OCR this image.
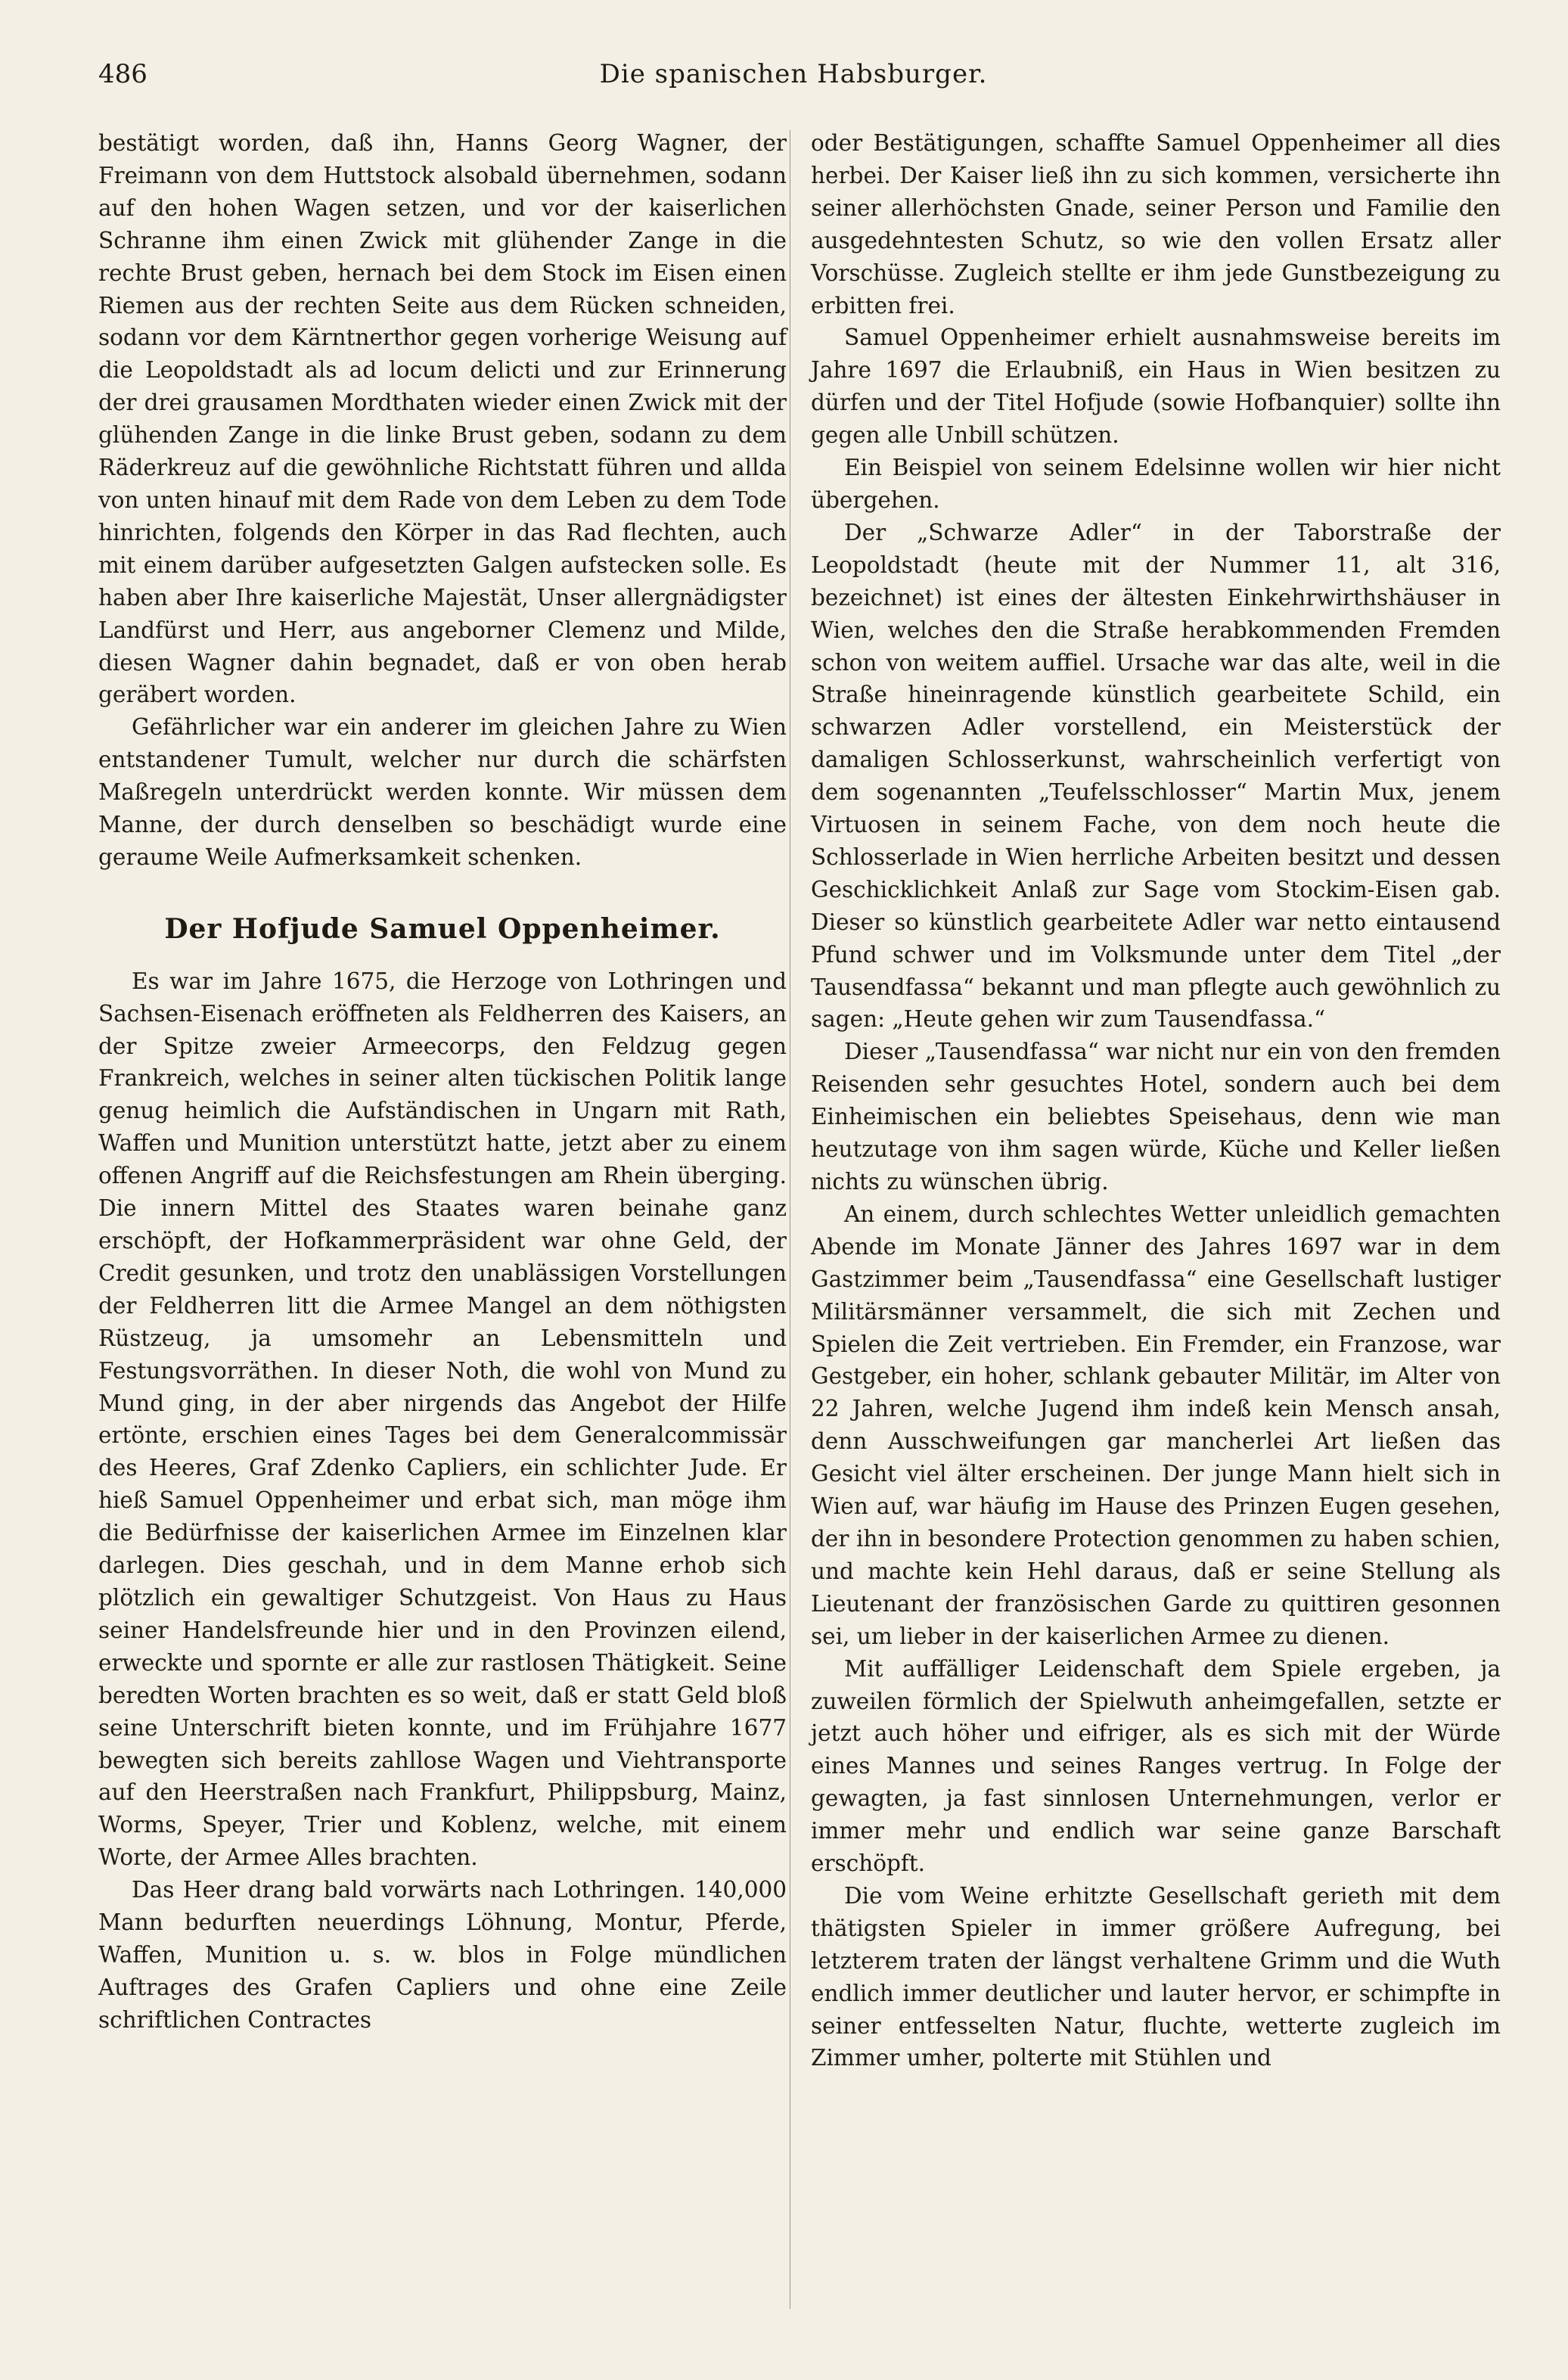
486	Die spanischen Habsburger.

bestätigt worden, daß ihn, Hanns Georg Wagner, der Freimann von dem Huttstock alsobald übernehmen, sodann auf den hohen Wagen setzen, und vor der kaiserlichen Schranne ihm einen Zwick mit glühender Zange in die rechte Brust geben, hernach bei dem Stock im Eisen einen Riemen aus der rechten Seite aus dem Rücken schneiden, sodann vor dem Kärntnerthor gegen vorherige Weisung auf die Leopoldstadt als ad locum delicti und zur Erinnerung der drei grausamen Mordthaten wieder einen Zwick mit der glühenden Zange in die linke Brust geben, sodann zu dem Räderkreuz auf die gewöhnliche Richtstatt führen und allda von unten hinauf mit dem Rade von dem Leben zu dem Tode hinrichten, folgends den Körper in das Rad flechten, auch mit einem darüber aufgesetzten Galgen aufstecken solle. Es haben aber Ihre kaiserliche Majestät, Unser allergnädigster Landfürst und Herr, aus angeborner Clemenz und Milde, diesen Wagner dahin begnadet, daß er von oben herab geräbert worden.

Gefährlicher war ein anderer im gleichen Jahre zu Wien entstandener Tumult, welcher nur durch die schärfsten Maßregeln unterdrückt werden konnte. Wir müssen dem Manne, der durch denselben so beschädigt wurde eine geraume Weile Aufmerksamkeit schenken.

Der Hofjude Samuel Oppenheimer.

Es war im Jahre 1675, die Herzoge von Lothringen und Sachsen-Eisenach eröffneten als Feldherren des Kaisers, an der Spitze zweier Armeecorps, den Feldzug gegen Frankreich, welches in seiner alten tückischen Politik lange genug heimlich die Aufständischen in Ungarn mit Rath, Waffen und Munition unterstützt hatte, jetzt aber zu einem offenen Angriff auf die Reichsfestungen am Rhein überging. Die innern Mittel des Staates waren beinahe ganz erschöpft, der Hofkammerpräsident war ohne Geld, der Credit gesunken, und trotz den unablässigen Vorstellungen der Feldherren litt die Armee Mangel an dem nöthigsten Rüstzeug, ja umsomehr an Lebensmitteln und Festungsvorräthen. In dieser Noth, die wohl von Mund zu Mund ging, in der aber nirgends das Angebot der Hilfe ertönte, erschien eines Tages bei dem Generalcommissär des Heeres, Graf Zdenko Capliers, ein schlichter Jude. Er hieß Samuel Oppenheimer und erbat sich, man möge ihm die Bedürfnisse der kaiserlichen Armee im Einzelnen klar darlegen. Dies geschah, und in dem Manne erhob sich plötzlich ein gewaltiger Schutzgeist. Von Haus zu Haus seiner Handelsfreunde hier und in den Provinzen eilend, erweckte und spornte er alle zur rastlosen Thätigkeit. Seine beredten Worten brachten es so weit, daß er statt Geld bloß seine Unterschrift bieten konnte, und im Frühjahre 1677 bewegten sich bereits zahllose Wagen und Viehtransporte auf den Heerstraßen nach Frankfurt, Philippsburg, Mainz, Worms, Speyer, Trier und Koblenz, welche, mit einem Worte, der Armee Alles brachten.

Das Heer drang bald vorwärts nach Lothringen. 140,000 Mann bedurften neuerdings Löhnung, Montur, Pferde, Waffen, Munition u. s. w. blos in Folge mündlichen Auftrages des Grafen Capliers und ohne eine Zeile schriftlichen Contractes

oder Bestätigungen, schaffte Samuel Oppenheimer all dies herbei. Der Kaiser ließ ihn zu sich kommen, versicherte ihn seiner allerhöchsten Gnade, seiner Person und Familie den ausgedehntesten Schutz, so wie den vollen Ersatz aller Vorschüsse. Zugleich stellte er ihm jede Gunstbezeigung zu erbitten frei.

Samuel Oppenheimer erhielt ausnahmsweise bereits im Jahre 1697 die Erlaubniß, ein Haus in Wien besitzen zu dürfen und der Titel Hofjude (sowie Hofbanquier) sollte ihn gegen alle Unbill schützen.

Ein Beispiel von seinem Edelsinne wollen wir hier nicht übergehen.

Der „Schwarze Adler“ in der Taborstraße der Leopoldstadt (heute mit der Nummer 11, alt 316, bezeichnet) ist eines der ältesten Einkehrwirthshäuser in Wien, welches den die Straße herabkommenden Fremden schon von weitem auffiel. Ursache war das alte, weil in die Straße hineinragende künstlich gearbeitete Schild, ein schwarzen Adler vorstellend, ein Meisterstück der damaligen Schlosserkunst, wahrscheinlich verfertigt von dem sogenannten „Teufelsschlosser“ Martin Mux, jenem Virtuosen in seinem Fache, von dem noch heute die Schlosserlade in Wien herrliche Arbeiten besitzt und dessen Geschicklichkeit Anlaß zur Sage vom Stockim-Eisen gab. Dieser so künstlich gearbeitete Adler war netto eintausend Pfund schwer und im Volksmunde unter dem Titel „der Tausendfassa“ bekannt und man pflegte auch gewöhnlich zu sagen: „Heute gehen wir zum Tausendfassa.“

Dieser „Tausendfassa“ war nicht nur ein von den fremden Reisenden sehr gesuchtes Hotel, sondern auch bei dem Einheimischen ein beliebtes Speisehaus, denn wie man heutzutage von ihm sagen würde, Küche und Keller ließen nichts zu wünschen übrig.

An einem, durch schlechtes Wetter unleidlich gemachten Abende im Monate Jänner des Jahres 1697 war in dem Gastzimmer beim „Tausendfassa“ eine Gesellschaft lustiger Militärsmänner versammelt, die sich mit Zechen und Spielen die Zeit vertrieben. Ein Fremder, ein Franzose, war Gestgeber, ein hoher, schlank gebauter Militär, im Alter von 22 Jahren, welche Jugend ihm indeß kein Mensch ansah, denn Ausschweifungen gar mancherlei Art ließen das Gesicht viel älter erscheinen. Der junge Mann hielt sich in Wien auf, war häufig im Hause des Prinzen Eugen gesehen, der ihn in besondere Protection genommen zu haben schien, und machte kein Hehl daraus, daß er seine Stellung als Lieutenant der französischen Garde zu quittiren gesonnen sei, um lieber in der kaiserlichen Armee zu dienen.

Mit auffälliger Leidenschaft dem Spiele ergeben, ja zuweilen förmlich der Spielwuth anheimgefallen, setzte er jetzt auch höher und eifriger, als es sich mit der Würde eines Mannes und seines Ranges vertrug. In Folge der gewagten, ja fast sinnlosen Unternehmungen, verlor er immer mehr und endlich war seine ganze Barschaft erschöpft.

Die vom Weine erhitzte Gesellschaft gerieth mit dem thätigsten Spieler in immer größere Aufregung, bei letzterem traten der längst verhaltene Grimm und die Wuth endlich immer deutlicher und lauter hervor, er schimpfte in seiner entfesselten Natur, fluchte, wetterte zugleich im Zimmer umher, polterte mit Stühlen und
